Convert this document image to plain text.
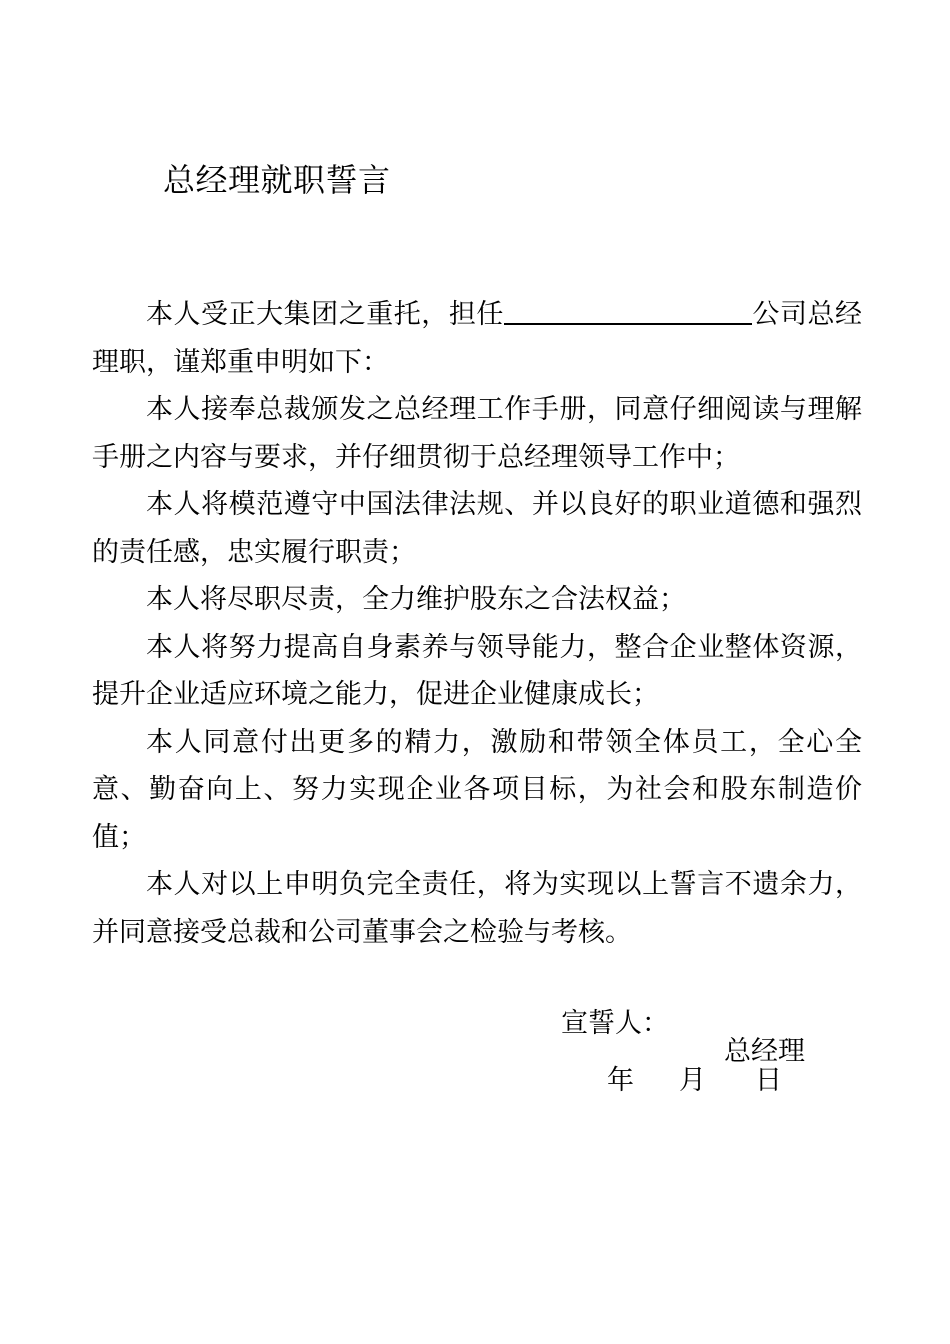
总经理就职誓言

本人受正大集团之重托，担任	公司总经理职，谨郑重申明如下：

本人接奉总裁颁发之总经理工作手册，同意仔细阅读与理解手册之内容与要求，并仔细贯彻于总经理领导工作中；

本人将模范遵守中国法律法规、并以良好的职业道德和强烈的责任感，忠实履行职责；

本人将尽职尽责，全力维护股东之合法权益；

本人将努力提高自身素养与领导能力，整合企业整体资源，提升企业适应环境之能力，促进企业健康成长；

本人同意付出更多的精力，激励和带领全体员工，全心全意、勤奋向上、努力实现企业各项目标，为社会和股东制造价值；

本人对以上申明负完全责任，将为实现以上誓言不遗余力，并同意接受总裁和公司董事会之检验与考核。

宣誓人：
总经理
年 月 日
